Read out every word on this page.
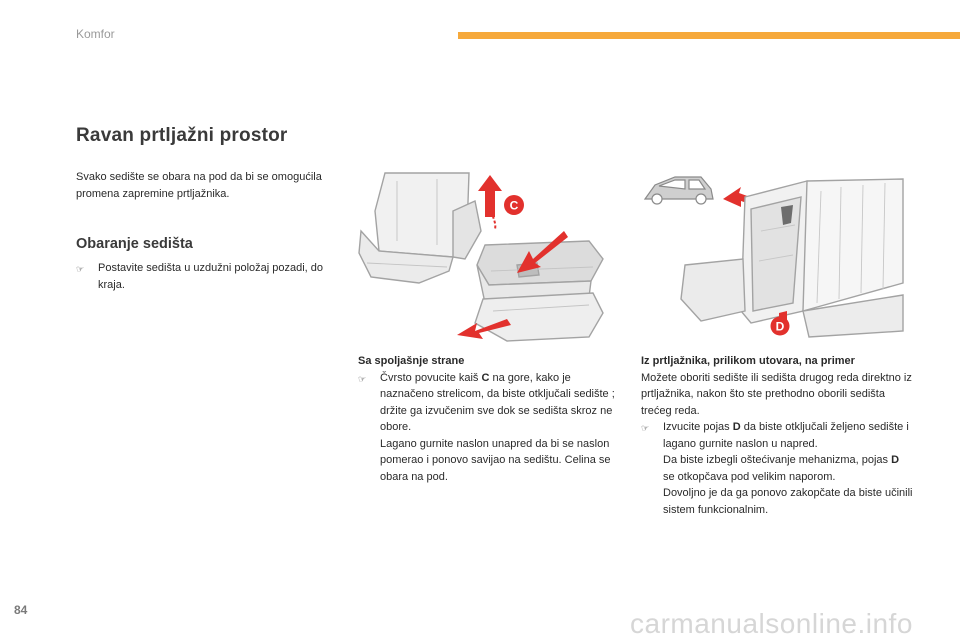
Komfor
Ravan prtljažni prostor
Svako sedište se obara na pod da bi se omogućila promena zapremine prtljažnika.
Obaranje sedišta
☞	Postavite sedišta u uzdužni položaj pozadi, do kraja.
C
D
Sa spoljašnje strane
☞	Čvrsto povucite kaiš C na gore, kako je naznačeno strelicom, da biste otključali sedište ; držite ga izvučenim sve dok se sedišta skroz ne obore.
Lagano gurnite naslon unapred da bi se naslon pomerao i ponovo savijao na sedištu. Celina se obara na pod.
Iz prtljažnika, prilikom utovara, na primer
Možete oboriti sedište ili sedišta drugog reda direktno iz prtljažnika, nakon što ste prethodno oborili sedišta trećeg reda.
☞	Izvucite pojas D da biste otključali željeno sedište i lagano gurnite naslon u napred.
Da biste izbegli oštećivanje mehanizma, pojas D se otkopčava pod velikim naporom.
Dovoljno je da ga ponovo zakopčate da biste učinili sistem funkcionalnim.
84	carmanualsonline.info
